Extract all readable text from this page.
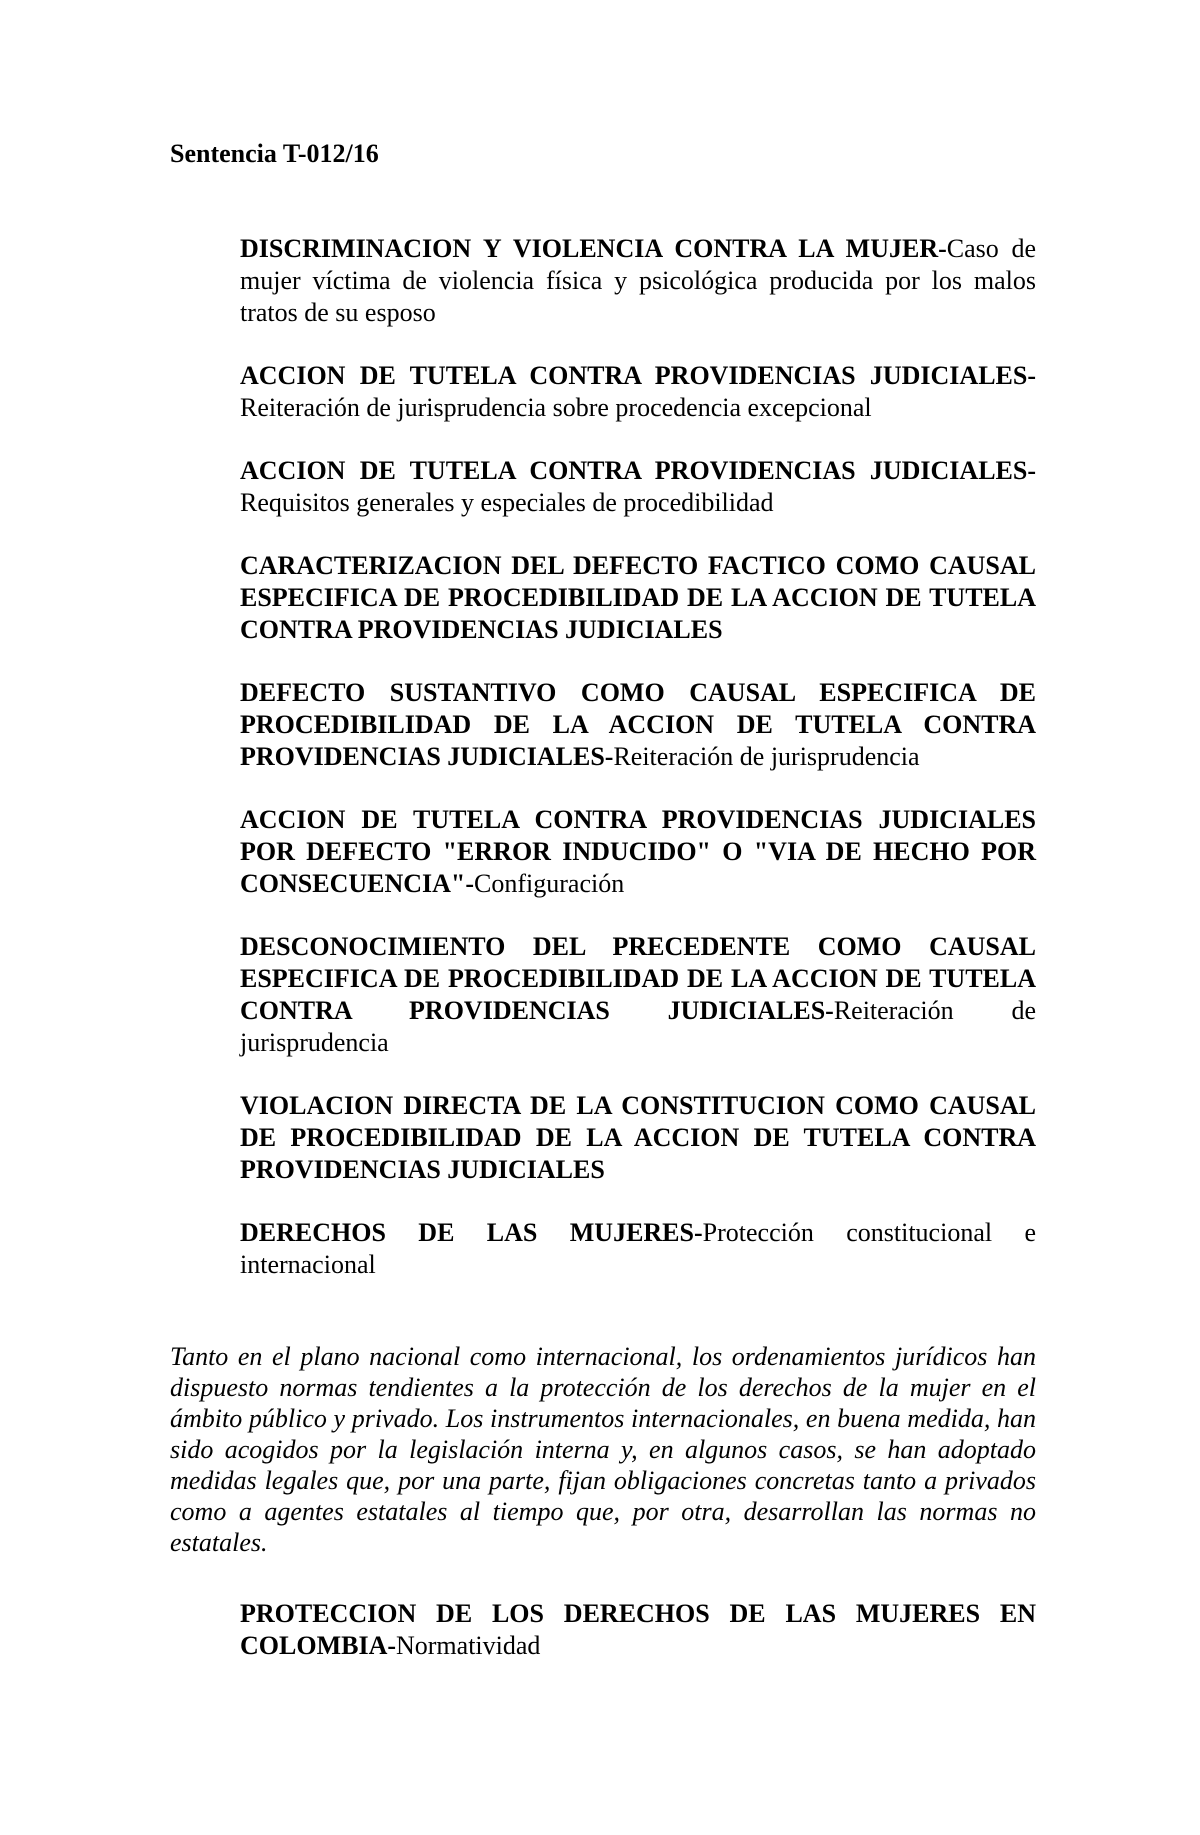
Sentencia T-012/16

DISCRIMINACION Y VIOLENCIA CONTRA LA MUJER-Caso de mujer víctima de violencia física y psicológica producida por los malos tratos de su esposo

ACCION DE TUTELA CONTRA PROVIDENCIAS JUDICIALES-Reiteración de jurisprudencia sobre procedencia excepcional

ACCION DE TUTELA CONTRA PROVIDENCIAS JUDICIALES-Requisitos generales y especiales de procedibilidad

CARACTERIZACION DEL DEFECTO FACTICO COMO CAUSAL ESPECIFICA DE PROCEDIBILIDAD DE LA ACCION DE TUTELA CONTRA PROVIDENCIAS JUDICIALES

DEFECTO SUSTANTIVO COMO CAUSAL ESPECIFICA DE PROCEDIBILIDAD DE LA ACCION DE TUTELA CONTRA PROVIDENCIAS JUDICIALES-Reiteración de jurisprudencia

ACCION DE TUTELA CONTRA PROVIDENCIAS JUDICIALES POR DEFECTO "ERROR INDUCIDO" O "VIA DE HECHO POR CONSECUENCIA"-Configuración

DESCONOCIMIENTO DEL PRECEDENTE COMO CAUSAL ESPECIFICA DE PROCEDIBILIDAD DE LA ACCION DE TUTELA CONTRA PROVIDENCIAS JUDICIALES-Reiteración de jurisprudencia

VIOLACION DIRECTA DE LA CONSTITUCION COMO CAUSAL DE PROCEDIBILIDAD DE LA ACCION DE TUTELA CONTRA PROVIDENCIAS JUDICIALES

DERECHOS DE LAS MUJERES-Protección constitucional e internacional

Tanto en el plano nacional como internacional, los ordenamientos jurídicos han dispuesto normas tendientes a la protección de los derechos de la mujer en el ámbito público y privado. Los instrumentos internacionales, en buena medida, han sido acogidos por la legislación interna y, en algunos casos, se han adoptado medidas legales que, por una parte, fijan obligaciones concretas tanto a privados como a agentes estatales al tiempo que, por otra, desarrollan las normas no estatales.

PROTECCION DE LOS DERECHOS DE LAS MUJERES EN COLOMBIA-Normatividad
